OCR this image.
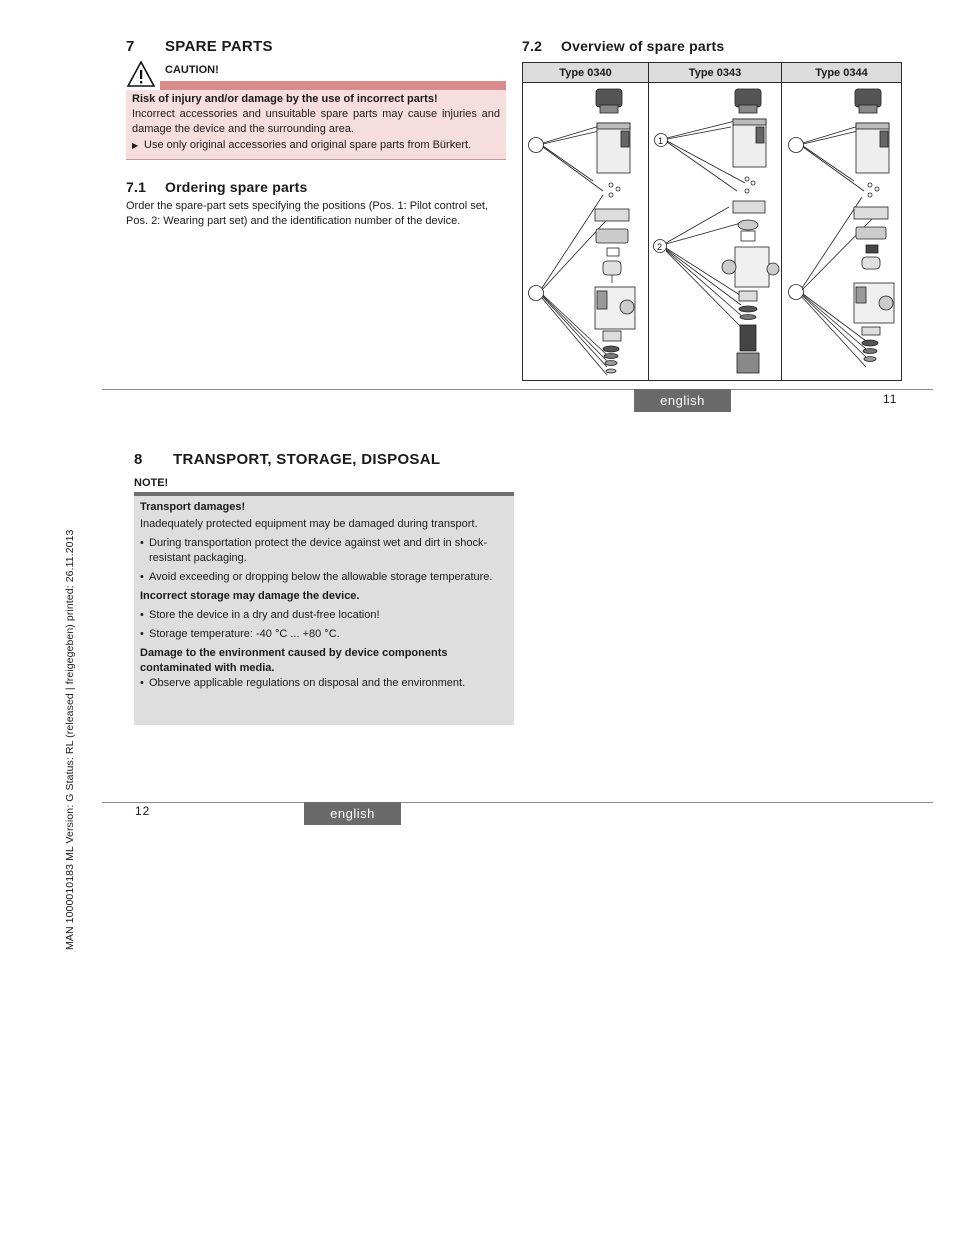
MAN 1000010183 ML Version: G Status: RL (released | freigegeben) printed: 26.11.2013
7 SPARE PARTS
CAUTION!
Risk of injury and/or damage by the use of incorrect parts!
Incorrect accessories and unsuitable spare parts may cause injuries and damage the device and the surrounding area.
▶ Use only original accessories and original spare parts from Bürkert.
7.1 Ordering spare parts
Order the spare-part sets specifying the positions (Pos. 1: Pilot control set, Pos. 2: Wearing part set) and the identification number of the device.
7.2 Overview of spare parts
Type 0340	Type 0343	Type 0344

1
2

english	11
8 TRANSPORT, STORAGE, DISPOSAL
NOTE!
Transport damages!
Inadequately protected equipment may be damaged during transport.
• During transportation protect the device against wet and dirt in shock-resistant packaging.
• Avoid exceeding or dropping below the allowable storage temperature.
Incorrect storage may damage the device.
• Store the device in a dry and dust-free location!
• Storage temperature: -40 °C ... +80 °C.
Damage to the environment caused by device components contaminated with media.
• Observe applicable regulations on disposal and the environment.
12	english
